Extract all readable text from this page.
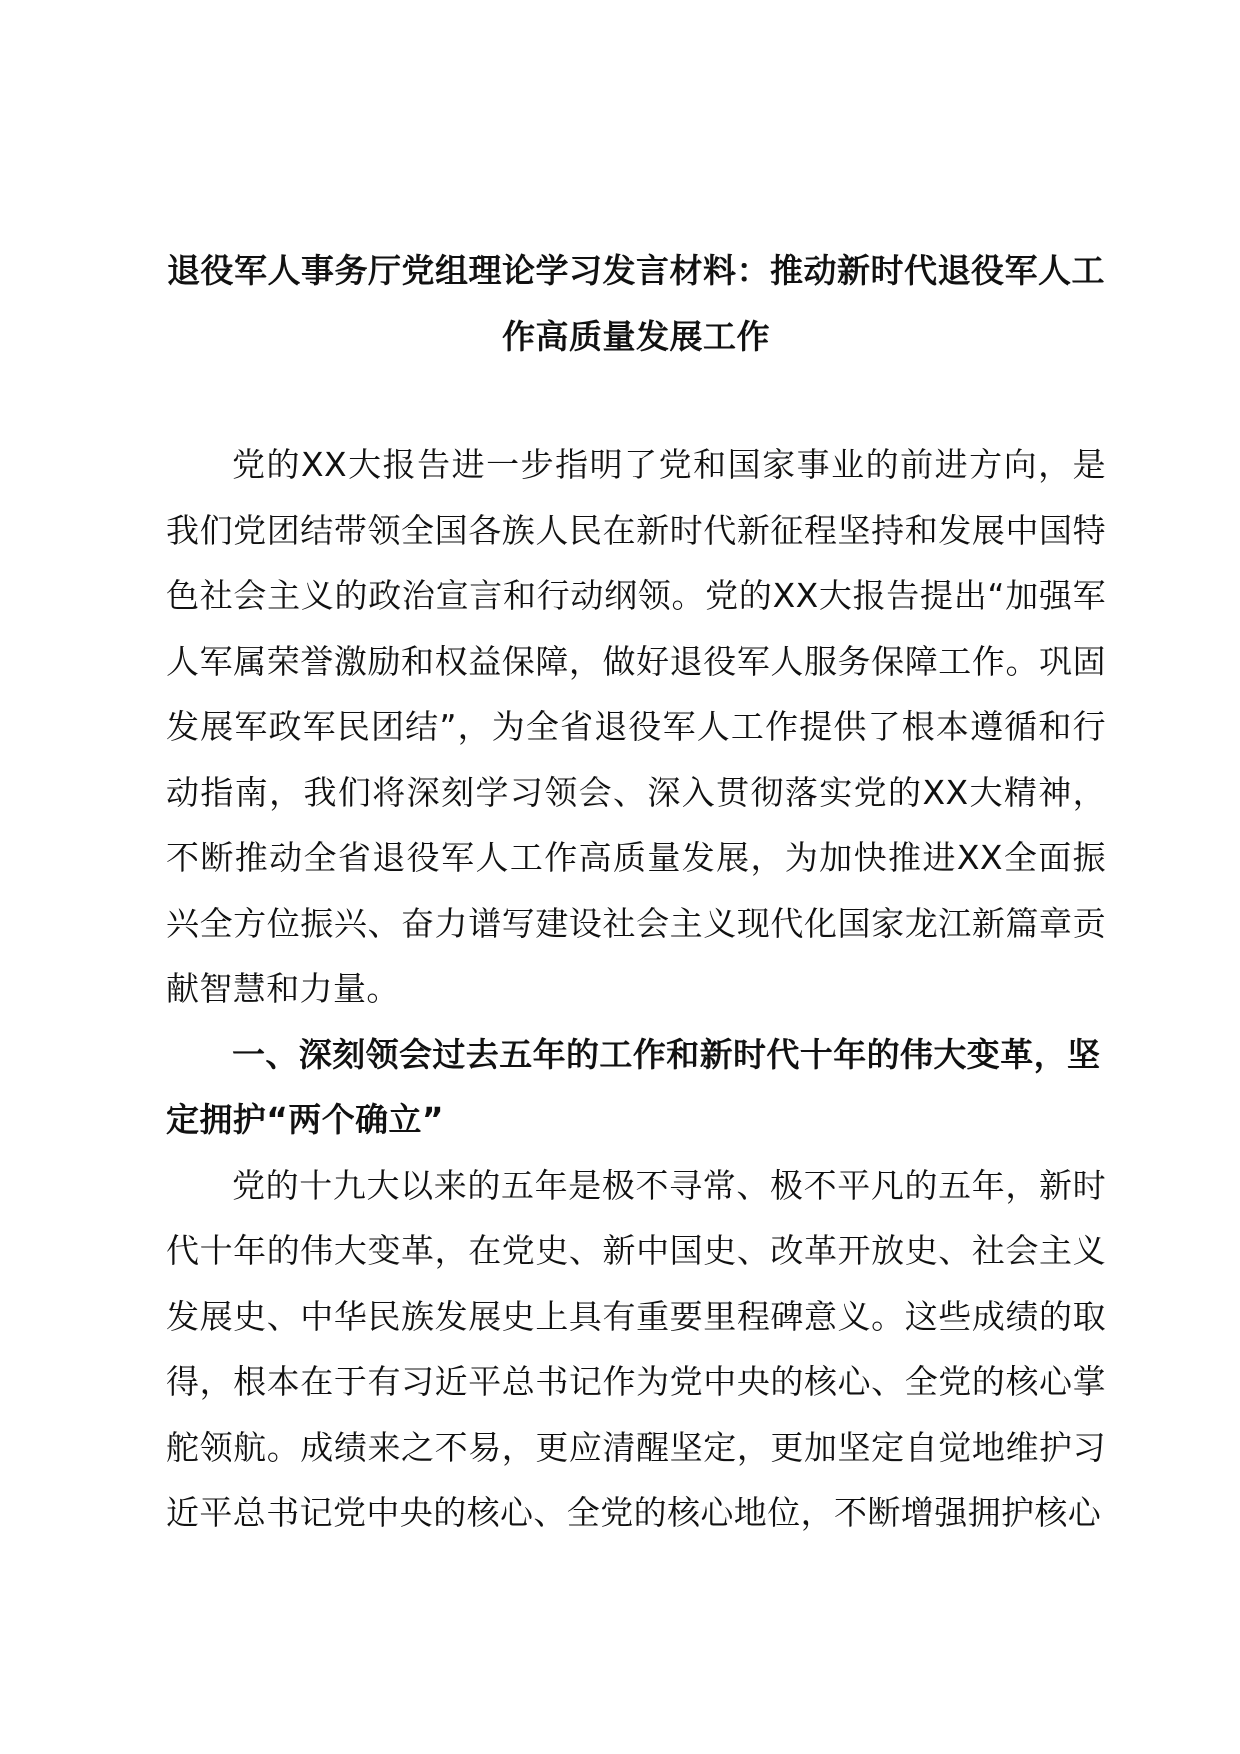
退役军人事务厅党组理论学习发言材料：推动新时代退役军人工作高质量发展工作

党的XX大报告进一步指明了党和国家事业的前进方向，是我们党团结带领全国各族人民在新时代新征程坚持和发展中国特色社会主义的政治宣言和行动纲领。党的XX大报告提出“加强军人军属荣誉激励和权益保障，做好退役军人服务保障工作。巩固发展军政军民团结”，为全省退役军人工作提供了根本遵循和行动指南，我们将深刻学习领会、深入贯彻落实党的XX大精神，不断推动全省退役军人工作高质量发展，为加快推进XX全面振兴全方位振兴、奋力谱写建设社会主义现代化国家龙江新篇章贡献智慧和力量。

一、深刻领会过去五年的工作和新时代十年的伟大变革，坚定拥护“两个确立”

党的十九大以来的五年是极不寻常、极不平凡的五年，新时代十年的伟大变革，在党史、新中国史、改革开放史、社会主义发展史、中华民族发展史上具有重要里程碑意义。这些成绩的取得，根本在于有习近平总书记作为党中央的核心、全党的核心掌舵领航。成绩来之不易，更应清醒坚定，更加坚定自觉地维护习近平总书记党中央的核心、全党的核心地位，不断增强拥护核心
